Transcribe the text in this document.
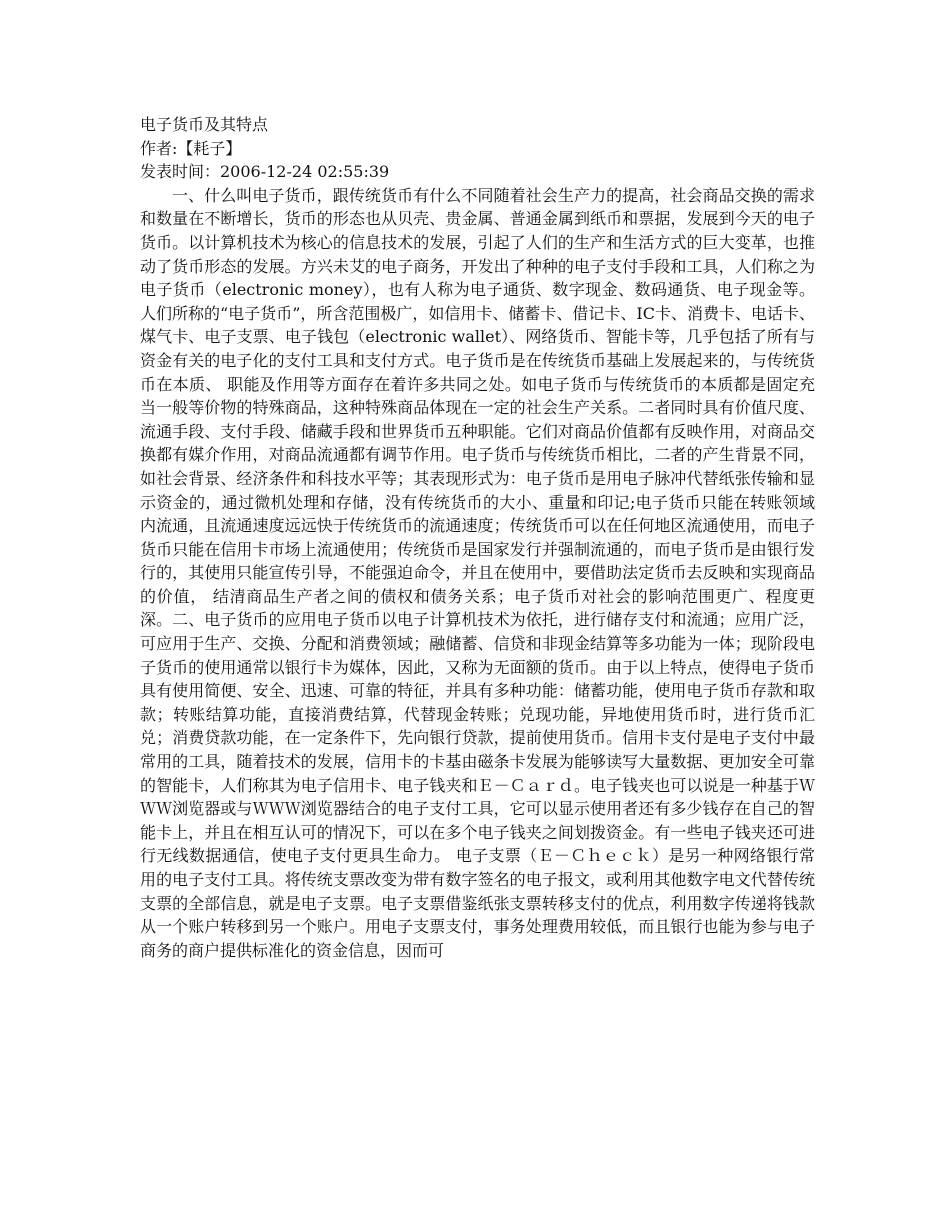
电子货币及其特点
作者:【耗子】
发表时间：2006-12-24 02:55:39

一、什么叫电子货币，跟传统货币有什么不同随着社会生产力的提高，社会商品交换的需求和数量在不断增长，货币的形态也从贝壳、贵金属、普通金属到纸币和票据，发展到今天的电子货币。以计算机技术为核心的信息技术的发展，引起了人们的生产和生活方式的巨大变革，也推动了货币形态的发展。方兴未艾的电子商务，开发出了种种的电子支付手段和工具，人们称之为电子货币（electronic money），也有人称为电子通货、数字现金、数码通货、电子现金等。人们所称的“电子货币”，所含范围极广，如信用卡、储蓄卡、借记卡、IC卡、消费卡、电话卡、煤气卡、电子支票、电子钱包（electronic wallet）、网络货币、智能卡等，几乎包括了所有与资金有关的电子化的支付工具和支付方式。电子货币是在传统货币基础上发展起来的，与传统货币在本质、 职能及作用等方面存在着许多共同之处。如电子货币与传统货币的本质都是固定充当一般等价物的特殊商品，这种特殊商品体现在一定的社会生产关系。二者同时具有价值尺度、流通手段、支付手段、储藏手段和世界货币五种职能。它们对商品价值都有反映作用，对商品交换都有媒介作用，对商品流通都有调节作用。电子货币与传统货币相比，二者的产生背景不同，如社会背景、经济条件和科技水平等；其表现形式为：电子货币是用电子脉冲代替纸张传输和显示资金的，通过微机处理和存储，没有传统货币的大小、重量和印记;电子货币只能在转账领域内流通，且流通速度远远快于传统货币的流通速度；传统货币可以在任何地区流通使用，而电子货币只能在信用卡市场上流通使用；传统货币是国家发行并强制流通的，而电子货币是由银行发行的，其使用只能宣传引导，不能强迫命令，并且在使用中，要借助法定货币去反映和实现商品的价值， 结清商品生产者之间的债权和债务关系；电子货币对社会的影响范围更广、程度更深。二、电子货币的应用电子货币以电子计算机技术为依托，进行储存支付和流通；应用广泛，可应用于生产、交换、分配和消费领域；融储蓄、信贷和非现金结算等多功能为一体；现阶段电子货币的使用通常以银行卡为媒体，因此，又称为无面额的货币。由于以上特点，使得电子货币具有使用简便、安全、迅速、可靠的特征，并具有多种功能：储蓄功能，使用电子货币存款和取款；转账结算功能，直接消费结算，代替现金转账；兑现功能，异地使用货币时，进行货币汇兑；消费贷款功能，在一定条件下，先向银行贷款，提前使用货币。信用卡支付是电子支付中最常用的工具，随着技术的发展，信用卡的卡基由磁条卡发展为能够读写大量数据、更加安全可靠的智能卡，人们称其为电子信用卡、电子钱夹和Ｅ－Ｃａｒｄ。电子钱夹也可以说是一种基于ＷＷＷ浏览器或与ＷＷＷ浏览器结合的电子支付工具，它可以显示使用者还有多少钱存在自己的智能卡上，并且在相互认可的情况下，可以在多个电子钱夹之间划拨资金。有一些电子钱夹还可进行无线数据通信，使电子支付更具生命力。 电子支票（Ｅ－Ｃｈｅｃｋ）是另一种网络银行常用的电子支付工具。将传统支票改变为带有数字签名的电子报文，或利用其他数字电文代替传统支票的全部信息，就是电子支票。电子支票借鉴纸张支票转移支付的优点，利用数字传递将钱款从一个账户转移到另一个账户。用电子支票支付，事务处理费用较低，而且银行也能为参与电子商务的商户提供标准化的资金信息，因而可
